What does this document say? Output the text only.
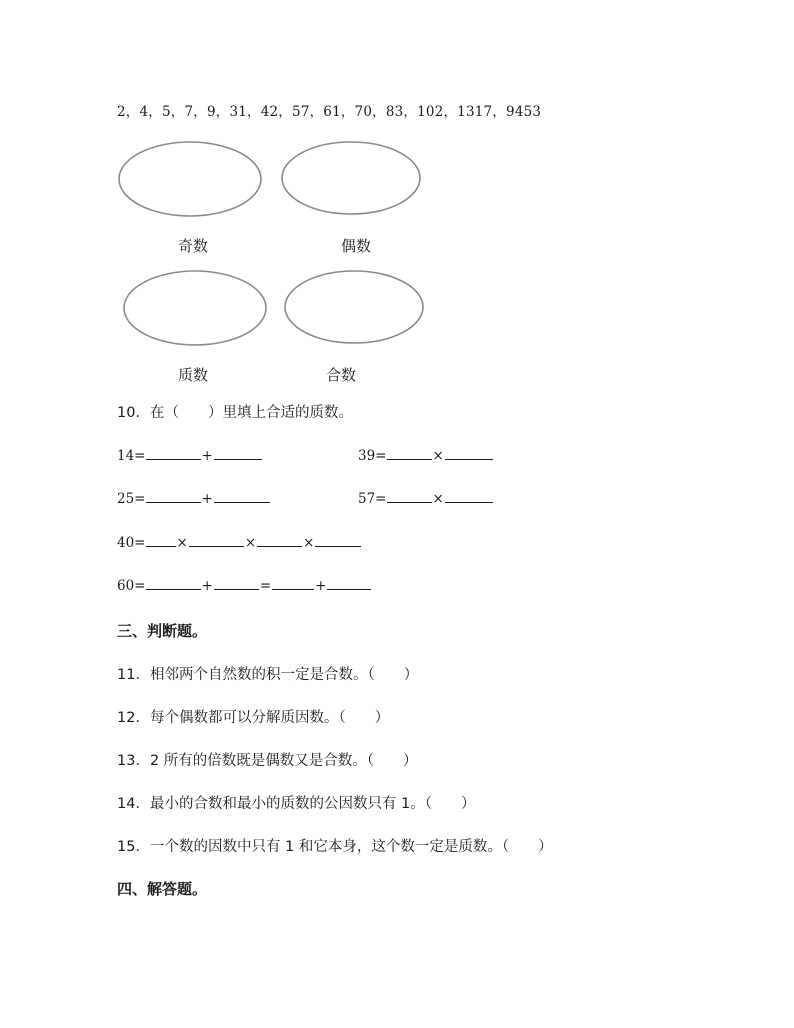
2，4，5，7，9，31，42，57，61，70，83，102，1317，9453
奇数	偶数
质数	合数
10．在（　　）里填上合适的质数。
14=	+	39=	×
25=	+	57=	×
40= ×	×	×
60=	+	=	+
三、判断题。
11．相邻两个自然数的积一定是合数。（　　）
12．每个偶数都可以分解质因数。（　　）
13．2 所有的倍数既是偶数又是合数。（　　）
14．最小的合数和最小的质数的公因数只有 1。（　　）
15．一个数的因数中只有 1 和它本身，这个数一定是质数。（　　）
四、解答题。
